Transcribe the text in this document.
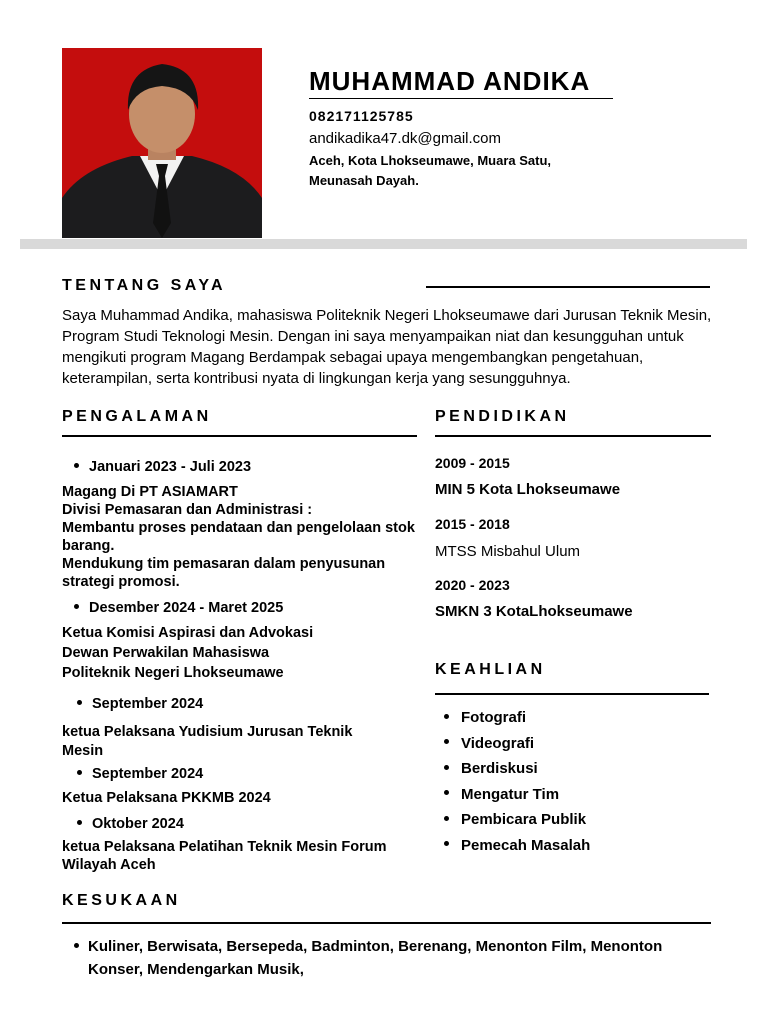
MUHAMMAD ANDIKA
082171125785
andikadika47.dk@gmail.com
Aceh, Kota Lhokseumawe, Muara Satu, Meunasah Dayah.
TENTANG SAYA
Saya Muhammad Andika, mahasiswa Politeknik Negeri Lhokseumawe dari Jurusan Teknik Mesin, Program Studi Teknologi Mesin. Dengan ini saya menyampaikan niat dan kesungguhan untuk mengikuti program Magang Berdampak sebagai upaya mengembangkan pengetahuan, keterampilan, serta kontribusi nyata di lingkungan kerja yang sesungguhnya.
PENGALAMAN
Januari 2023 - Juli 2023
Magang Di PT ASIAMART
Divisi Pemasaran dan Administrasi :
Membantu proses pendataan dan pengelolaan stok barang.
Mendukung tim pemasaran dalam penyusunan strategi promosi.
Desember 2024 - Maret 2025
Ketua Komisi Aspirasi dan Advokasi
Dewan Perwakilan Mahasiswa
Politeknik Negeri Lhokseumawe
September 2024
ketua Pelaksana Yudisium Jurusan Teknik Mesin
September 2024
Ketua Pelaksana PKKMB 2024
Oktober 2024
ketua Pelaksana Pelatihan Teknik Mesin Forum Wilayah Aceh
PENDIDIKAN
2009 - 2015
MIN 5 Kota Lhokseumawe
2015 - 2018
MTSS Misbahul Ulum
2020 - 2023
SMKN 3 KotaLhokseumawe
KEAHLIAN
Fotografi
Videografi
Berdiskusi
Mengatur Tim
Pembicara Publik
Pemecah Masalah
KESUKAAN
Kuliner, Berwisata, Bersepeda, Badminton, Berenang, Menonton Film, Menonton Konser, Mendengarkan Musik,
